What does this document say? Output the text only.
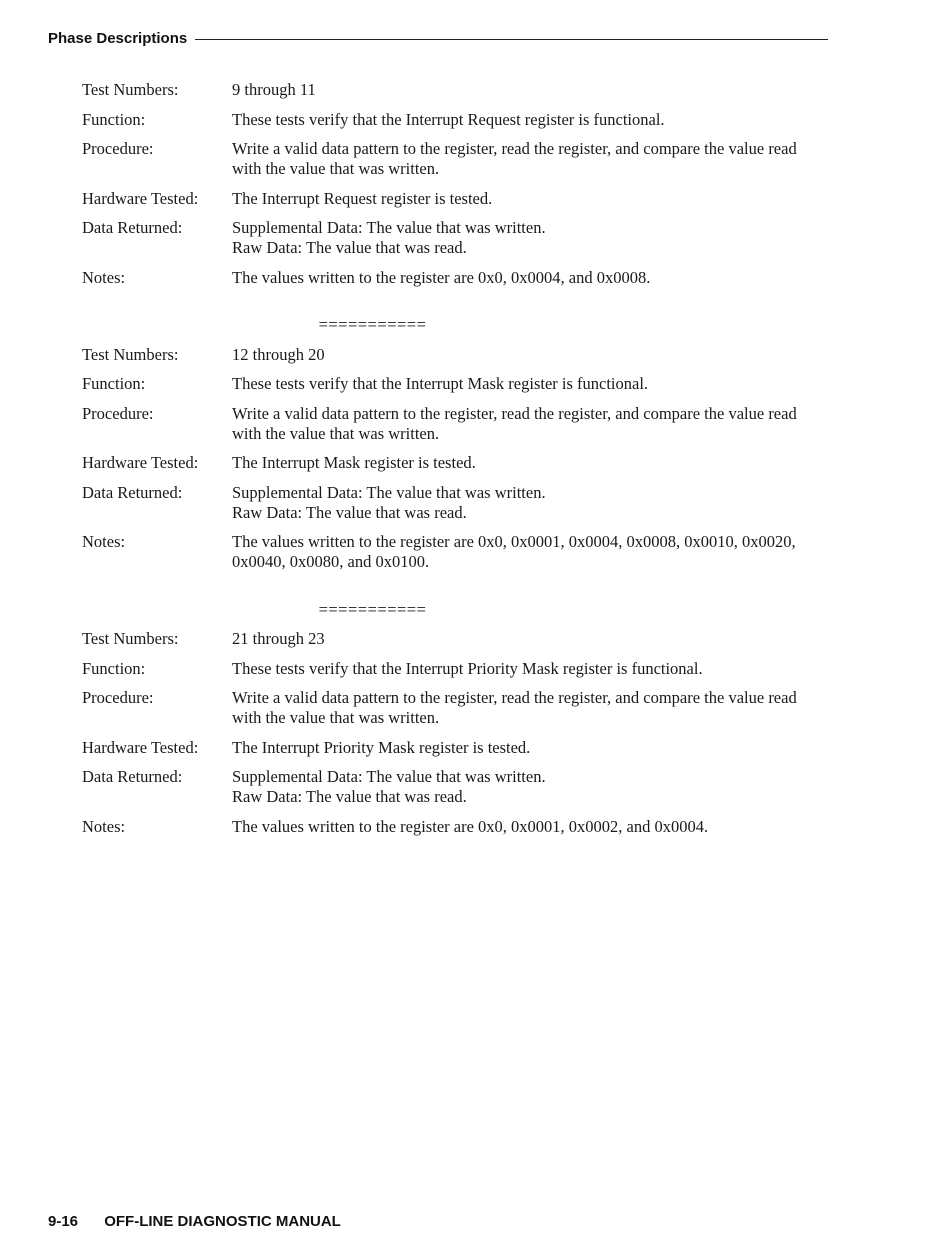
Phase Descriptions
Test Numbers:	9 through 11
Function:	These tests verify that the Interrupt Request register is functional.
Procedure:	Write a valid data pattern to the register, read the register, and compare the value read with the value that was written.
Hardware Tested:	The Interrupt Request register is tested.
Data Returned:	Supplemental Data: The value that was written.
Raw Data: The value that was read.
Notes:	The values written to the register are 0x0, 0x0004, and 0x0008.
===========
Test Numbers:	12 through 20
Function:	These tests verify that the Interrupt Mask register is functional.
Procedure:	Write a valid data pattern to the register, read the register, and compare the value read with the value that was written.
Hardware Tested:	The Interrupt Mask register is tested.
Data Returned:	Supplemental Data: The value that was written.
Raw Data: The value that was read.
Notes:	The values written to the register are 0x0, 0x0001, 0x0004, 0x0008, 0x0010, 0x0020, 0x0040, 0x0080, and 0x0100.
===========
Test Numbers:	21 through 23
Function:	These tests verify that the Interrupt Priority Mask register is functional.
Procedure:	Write a valid data pattern to the register, read the register, and compare the value read with the value that was written.
Hardware Tested:	The Interrupt Priority Mask register is tested.
Data Returned:	Supplemental Data: The value that was written.
Raw Data: The value that was read.
Notes:	The values written to the register are 0x0, 0x0001, 0x0002, and 0x0004.
9-16 OFF-LINE DIAGNOSTIC MANUAL
